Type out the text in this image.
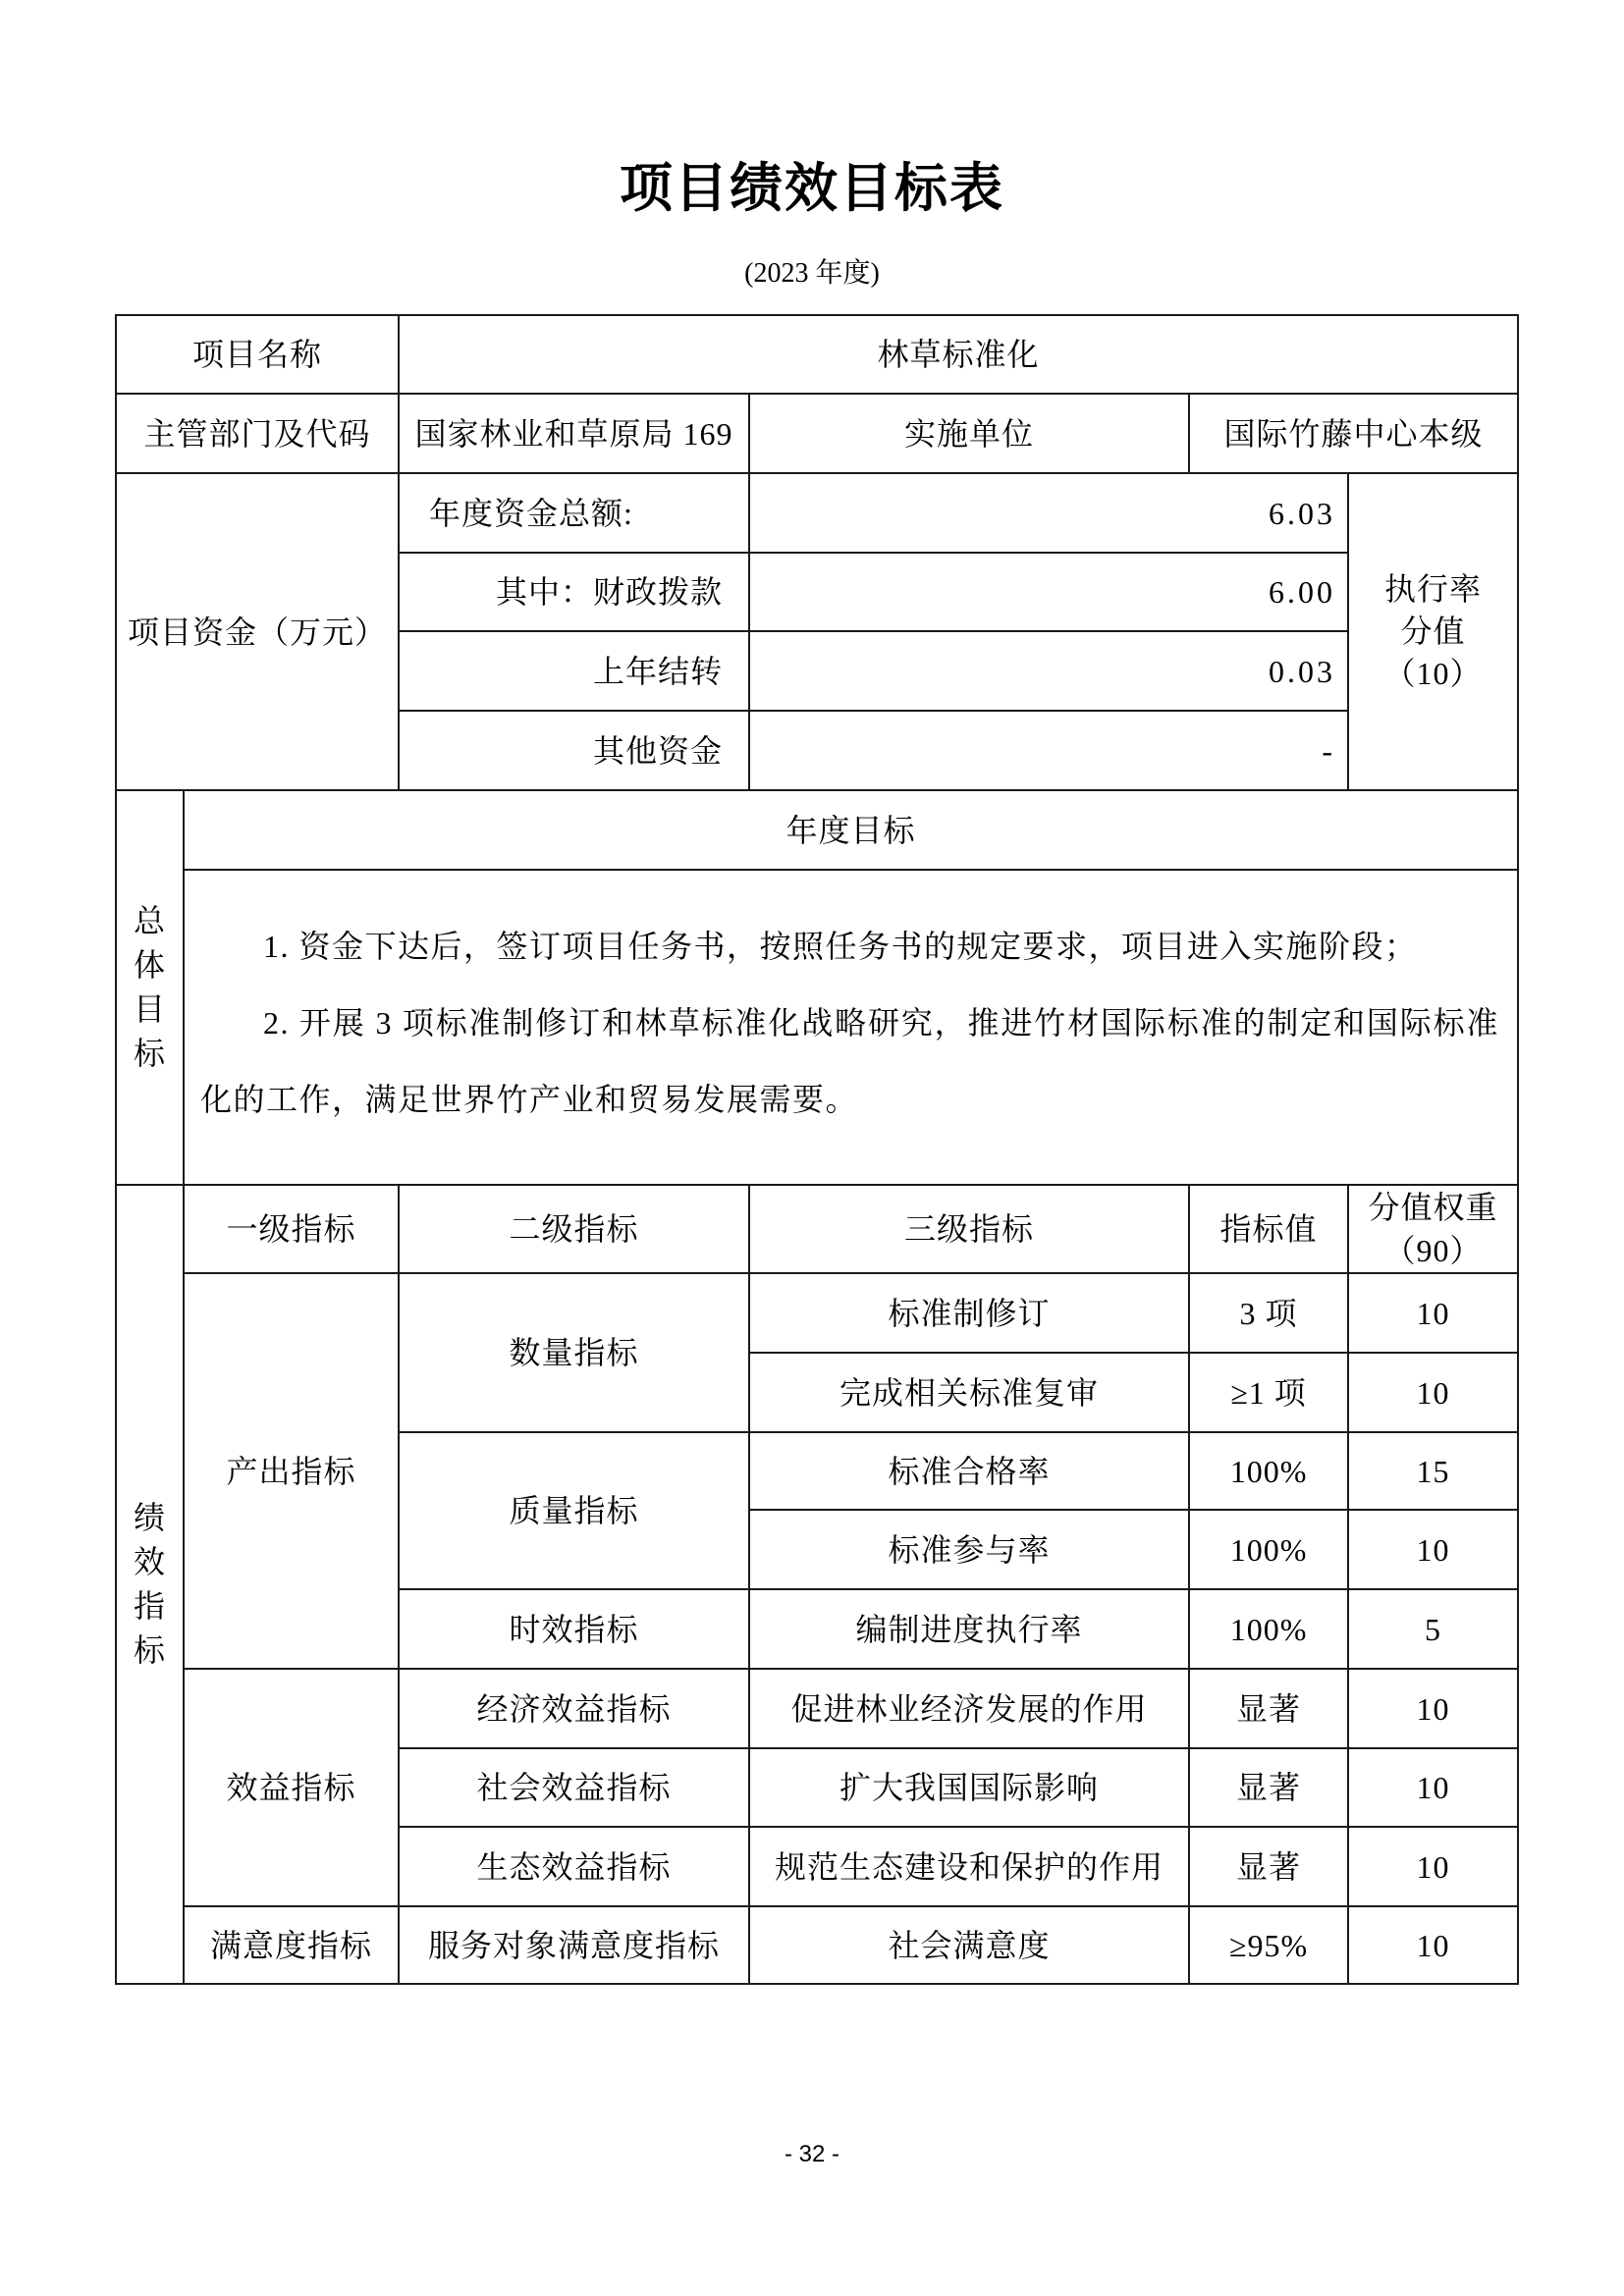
项目绩效目标表
(2023 年度)
项目名称		林草标准化			
主管部门及代码		国家林业和草原局 169	实施单位	国际竹藤中心本级	
项目资金（万元）		年度资金总额:	6.03		执行率
分值
（10）

		其中：财政拨款	6.00		
		上年结转	0.03		
		其他资金	-		
总体目标	年度目标				

	1. 资金下达后，签订项目任务书，按照任务书的规定要求，项目进入实施阶段；

2. 开展 3 项标准制修订和林草标准化战略研究，推进竹材国际标准的制定和国际标准化的工作，满足世界竹产业和贸易发展需要。				

绩效指标	一级指标	二级指标	三级指标	指标值	分值权重
（90）

	产出指标	数量指标	标准制修订	3 项	10
			完成相关标准复审	≥1 项	10
		质量指标	标准合格率	100%	15
			标准参与率	100%	10
		时效指标	编制进度执行率	100%	5
	效益指标	经济效益指标	促进林业经济发展的作用	显著	10
		社会效益指标	扩大我国国际影响	显著	10
		生态效益指标	规范生态建设和保护的作用	显著	10
	满意度指标	服务对象满意度指标	社会满意度	≥95%	10
- 32 -
